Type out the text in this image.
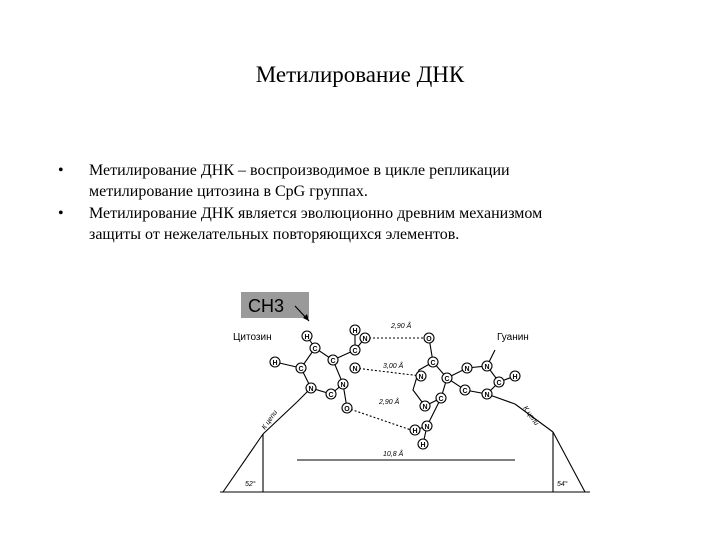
Метилирование ДНК
• Метилирование ДНК – воспроизводимое в цикле репликации
метилирование цитозина в CpG группах.
• Метилирование ДНК является эволюционно древним механизмом
защиты от нежелательных повторяющихся элементов.
CH3
Цитозин	Гуанин
2,90 Å
3,00 Å
2,90 Å
10,8 Å
52°	54°
К цепи	К цепи
H
C
C
C
H
N
C
N
O
C
H
N
N
O
C
N	C
C
N
N N
C
N
C
H
N
H
H
